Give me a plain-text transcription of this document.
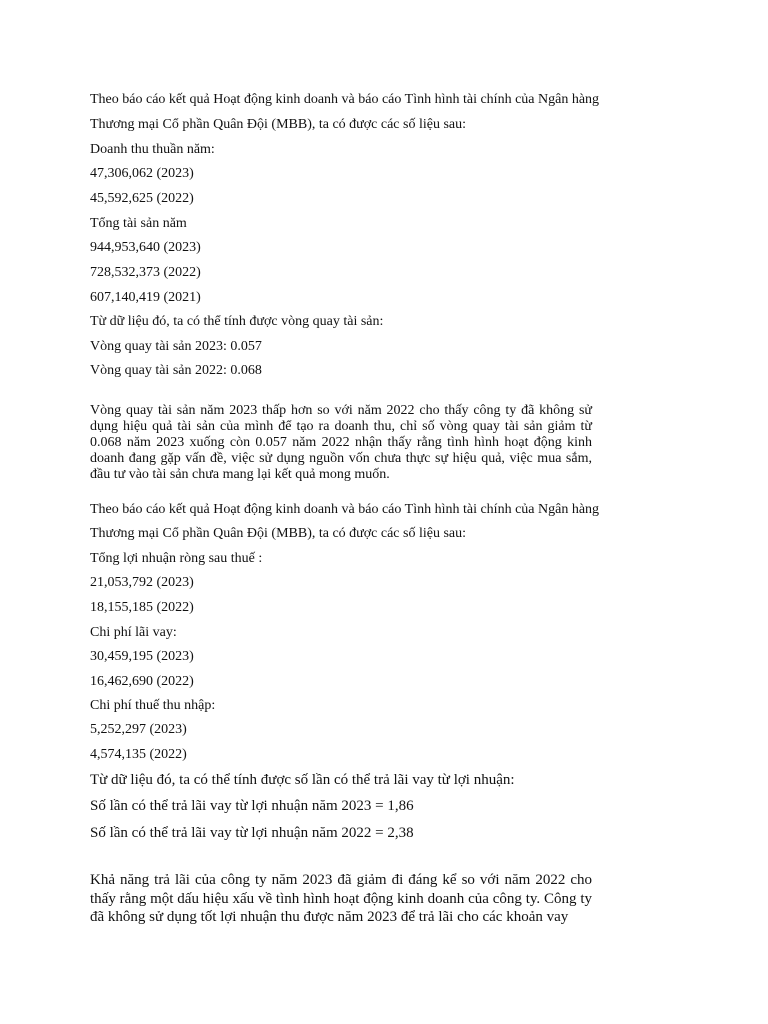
Theo báo cáo kết quả Hoạt động kinh doanh và báo cáo Tình hình tài chính của Ngân hàng
Thương mại Cổ phần Quân Đội (MBB), ta có được các số liệu sau:
Doanh thu thuần năm:
47,306,062 (2023)
45,592,625 (2022)
Tổng tài sản năm
944,953,640 (2023)
728,532,373 (2022)
607,140,419 (2021)
Từ dữ liệu đó, ta có thể tính được vòng quay tài sản:
Vòng quay tài sản 2023: 0.057
Vòng quay tài sản 2022: 0.068
Vòng quay tài sản năm 2023 thấp hơn so với năm 2022 cho thấy công ty đã không sử dụng hiệu quả tài sản của mình để tạo ra doanh thu, chỉ số vòng quay tài sản giảm từ 0.068 năm 2023 xuống còn 0.057 năm 2022 nhận thấy rằng tình hình hoạt động kinh doanh đang gặp vấn đề, việc sử dụng nguồn vốn chưa thực sự hiệu quả, việc mua sắm, đầu tư vào tài sản chưa mang lại kết quả mong muốn.
Theo báo cáo kết quả Hoạt động kinh doanh và báo cáo Tình hình tài chính của Ngân hàng
Thương mại Cổ phần Quân Đội (MBB), ta có được các số liệu sau:
Tổng lợi nhuận ròng sau thuế :
21,053,792 (2023)
18,155,185 (2022)
Chi phí lãi vay:
30,459,195 (2023)
16,462,690 (2022)
Chi phí thuế thu nhập:
5,252,297 (2023)
4,574,135 (2022)
Từ dữ liệu đó, ta có thể tính được số lần có thể trả lãi vay từ lợi nhuận:
Số lần có thể trả lãi vay từ lợi nhuận năm 2023 = 1,86
Số lần có thể trả lãi vay từ lợi nhuận năm 2022 = 2,38
Khả năng trả lãi của công ty năm 2023 đã giảm đi đáng kể so với năm 2022 cho thấy rằng một dấu hiệu xấu về tình hình hoạt động kinh doanh của công ty. Công ty đã không sử dụng tốt lợi nhuận thu được năm 2023 để trả lãi cho các khoản vay
